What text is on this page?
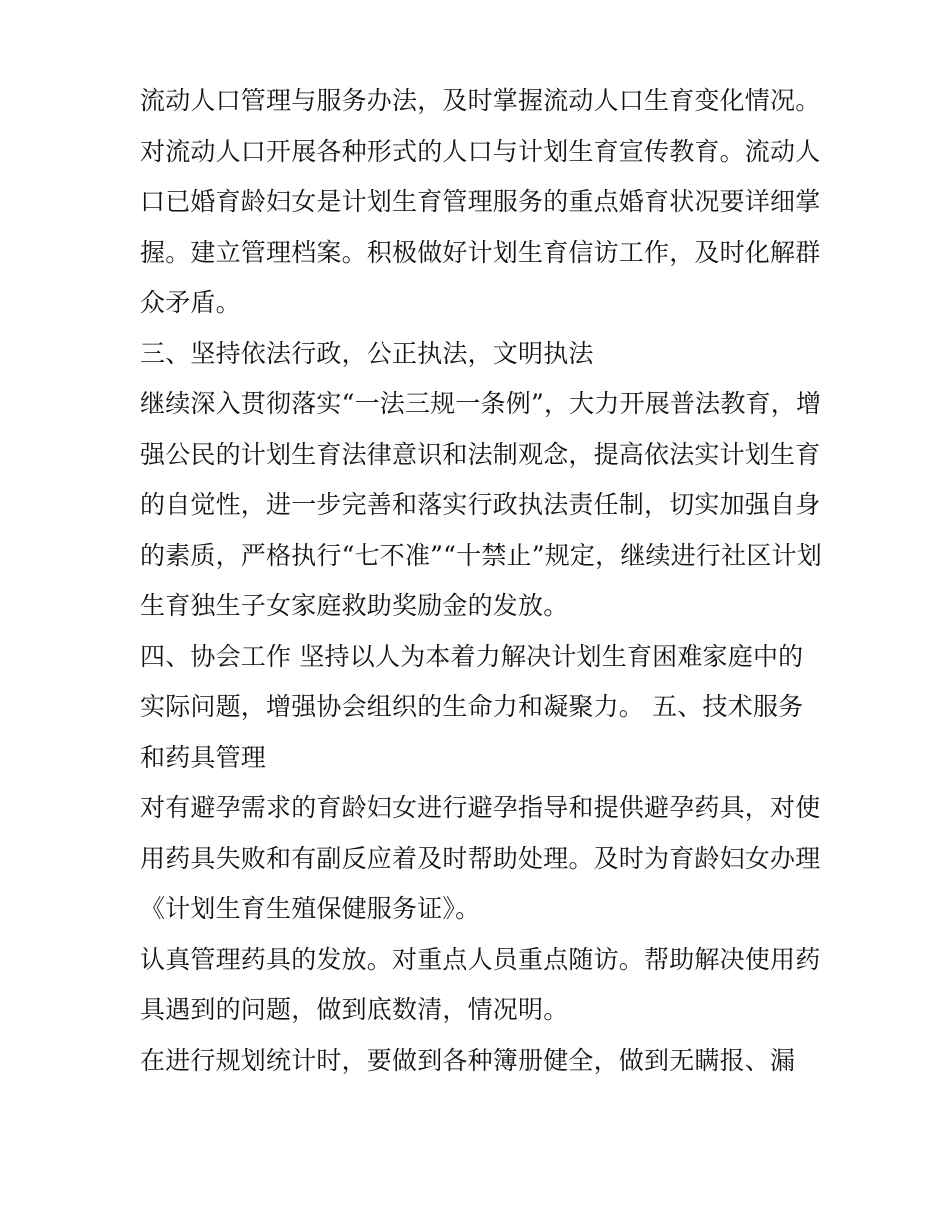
流动人口管理与服务办法，及时掌握流动人口生育变化情况。
对流动人口开展各种形式的人口与计划生育宣传教育。流动人
口已婚育龄妇女是计划生育管理服务的重点婚育状况要详细掌
握。建立管理档案。积极做好计划生育信访工作，及时化解群
众矛盾。
三、坚持依法行政，公正执法，文明执法
继续深入贯彻落实“一法三规一条例”，大力开展普法教育，增
强公民的计划生育法律意识和法制观念，提高依法实计划生育
的自觉性，进一步完善和落实行政执法责任制，切实加强自身
的素质，严格执行“七不准”“十禁止”规定，继续进行社区计划
生育独生子女家庭救助奖励金的发放。
四、协会工作 坚持以人为本着力解决计划生育困难家庭中的
实际问题，增强协会组织的生命力和凝聚力。 五、技术服务
和药具管理
对有避孕需求的育龄妇女进行避孕指导和提供避孕药具，对使
用药具失败和有副反应着及时帮助处理。及时为育龄妇女办理
《计划生育生殖保健服务证》。
认真管理药具的发放。对重点人员重点随访。帮助解决使用药
具遇到的问题，做到底数清，情况明。
在进行规划统计时，要做到各种簿册健全，做到无瞒报、漏
